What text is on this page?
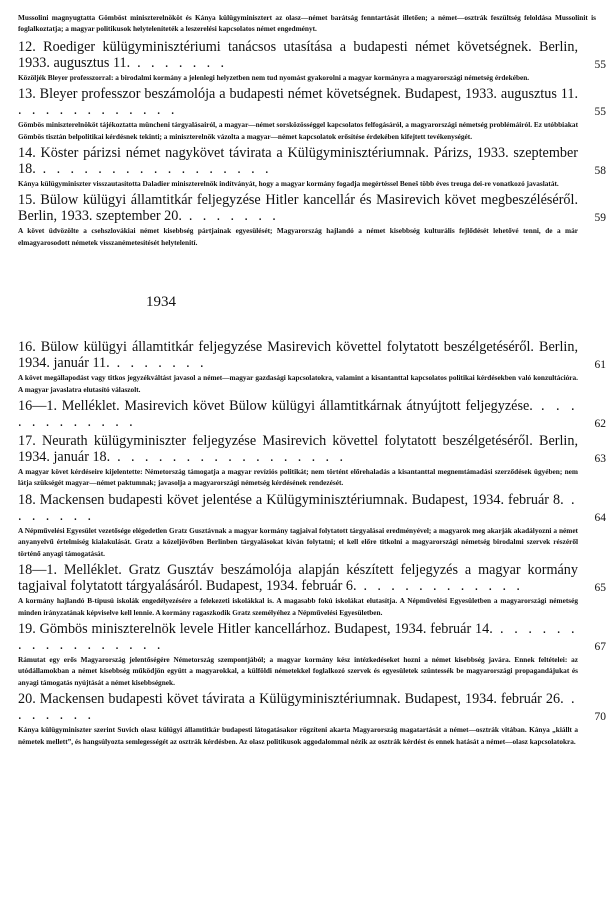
Mussolini magnyugtatta Gömböst miniszterelnököt és Kánya külügyminisztert az olasz—német barátság fenntartását illetően; a német—osztrák feszültség feloldása Mussolinit is foglalkoztatja; a magyar politikusok helyteleníteték a leszerelési kapcsolatos német engedményt.
12. Roediger külügyminisztériumi tanácsos utasítása a budapesti német követségnek. Berlin, 1933. augusztus 11. . . . . . . .	55
Közöljék Bleyer professzorral: a birodalmi kormány a jelenlegi helyzetben nem tud nyomást gyakorolni a magyar kormányra a magyarországi németség érdekében.
13. Bleyer professzor beszámolója a budapesti német követségnek. Budapest, 1933. augusztus 11. . . . . . . . . . . . .	55
Gömbös miniszterelnököt tájékoztatta müncheni tárgyalásairól, a magyar—német sorsközösséggel kapcsolatos felfogásáról, a magyarországi németség problémáiról. Ez utóbbiakat Gömbös tisztán belpolitikai kérdésnek tekinti; a miniszterelnök vázolta a magyar—német kapcsolatok erősítése érdekében kifejtett tevékenységét.
14. Köster párizsi német nagykövet távirata a Külügyminisztériumnak. Párizs, 1933. szeptember 18. . . . . . . . . . . . . . . . . .	58
Kánya külügyminiszter visszautasította Daladier miniszterelnök indítványát, hogy a magyar kormány fogadja megértéssel Beneš több éves treuga dei-re vonatkozó javaslatát.
15. Bülow külügyi államtitkár feljegyzése Hitler kancellár és Masirevich követ megbeszéléséről. Berlin, 1933. szeptember 20. . . . . . . .	59
A követ üdvözölte a csehszlovákiai német kisebbség pártjainak egyesülését; Magyarország hajlandó a német kisebbség kulturális fejlődését lehetővé tenni, de a már elmagyarosodott németek visszanémetesítését helytelenití.
1934
16. Bülow külügyi államtitkár feljegyzése Masirevich követtel folytatott beszélgetéséről. Berlin, 1934. január 11. . . . . . . .	61
A követ megállapodást vagy titkos jegyzékváltást javasol a német—magyar gazdasági kapcsolatokra, valamint a kisantanttal kapcsolatos politikai kérdésekben való konzultációra. A magyar javaslatra elutasító válaszolt.
16—1. Melléklet. Masirevich követ Bülow külügyi államtitkárnak átnyújtott feljegyzése. . . . . . . . . . . . .	62
17. Neurath külügyminiszter feljegyzése Masirevich követtel folytatott beszélgetéséről. Berlin, 1934. január 18. . . . . . . . . . . . . . . . . .	63
A magyar követ kérdéseire kijelentette: Németország támogatja a magyar revíziós politikát; nem történt előrehaladás a kisantanttal megnemtámadási szerződések ügyében; nem látja szükségét magyar—német paktumnak; javasolja a magyarországi németség kérdésének rendezését.
18. Mackensen budapesti követ jelentése a Külügyminisztériumnak. Budapest, 1934. február 8. . . . . . . .	64
A Népművelési Egyesület vezetősége elégedetlen Gratz Gusztávnak a magyar kormány tagjaival folytatott tárgyalásai eredményével; a magyarok meg akarják akadályozni a német anyanyelvű értelmiség kialakulását. Gratz a közeljövőben Berlinben tárgyalásokat kíván folytatni; el kell előre titkolni a magyarországi németség birodalmi szervek részéről történő anyagi támogatását.
18—1. Melléklet. Gratz Gusztáv beszámolója alapján készített feljegyzés a magyar kormány tagjaival folytatott tárgyalásáról. Budapest, 1934. február 6. . . . . . . . . . . . .	65
A kormány hajlandó B-típusú iskolák engedélyezésére a felekezeti iskolákkal is. A magasabb fokú iskolákat elutasítja. A Népművelési Egyesületben a magyarországi németség minden irányzatának képviselve kell lennie. A kormány ragaszkodik Gratz személyéhez a Népművelési Egyesületben.
19. Gömbös miniszterelnök levele Hitler kancellárhoz. Budapest, 1934. február 14. . . . . . . . . . . . . . . . . .	67
Rámutat egy erős Magyarország jelentőségére Németország szempontjából; a magyar kormány kész intézkedéseket hozni a német kisebbség javára. Ennek feltételei: az utódállamokban a német kisebbség működjön együtt a magyarokkal, a külföldi németekkel foglalkozó szervek és egyesületek szüntessék be magyarországi propagandájukat és anyagi támogatás nyújtását a német kisebbségnek.
20. Mackensen budapesti követ távirata a Külügyminisztériumnak. Budapest, 1934. február 26. . . . . . . .	70
Kánya külügyminiszter szerint Suvich olasz külügyi államtitkár budapesti látogatásakor rögzíteni akarta Magyarország magatartását a német—osztrák vitában. Kánya „kiállt a németek mellett”, és hangsúlyozta semlegességét az osztrák kérdésben. Az olasz politikusok aggodalommal nézik az osztrák kérdést és ennek hatását a német—olasz kapcsolatokra.
